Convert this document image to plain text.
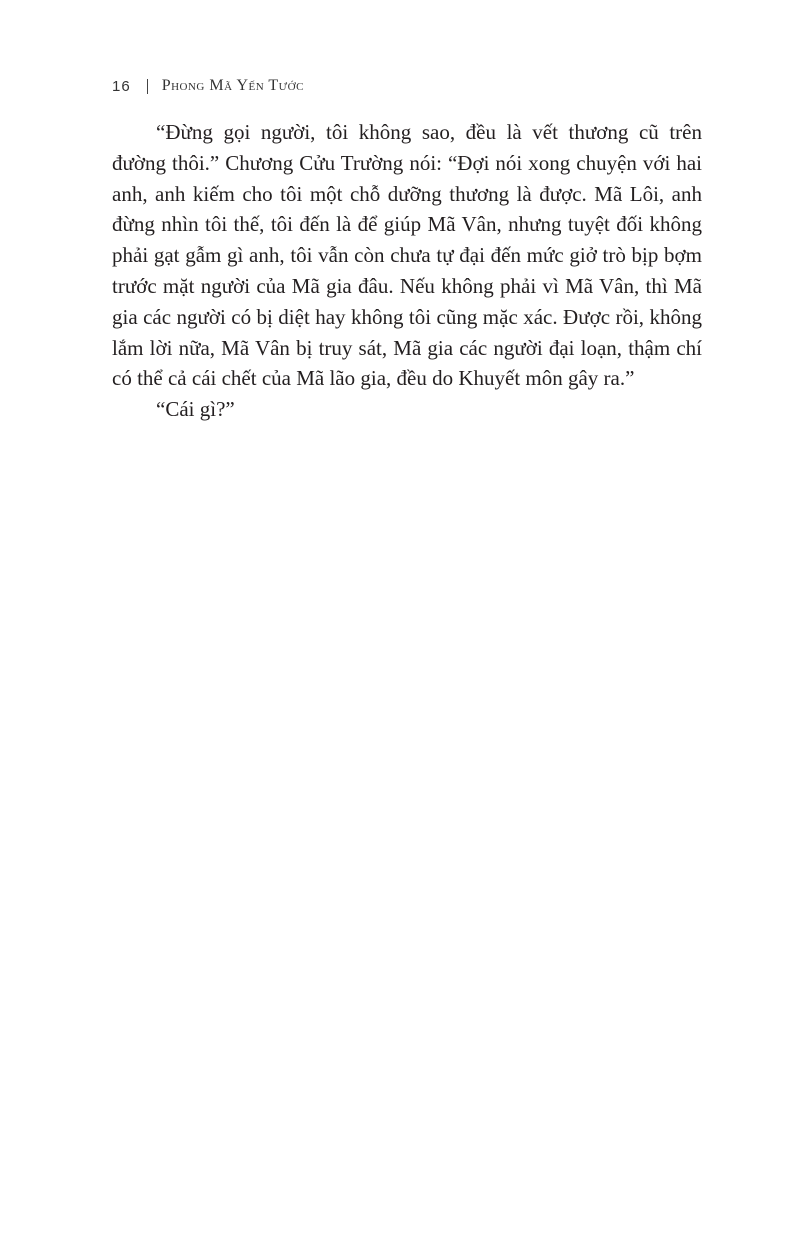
16 Phong Mã Yến Tước

“Đừng gọi người, tôi không sao, đều là vết thương cũ trên đường thôi.” Chương Cửu Trường nói: “Đợi nói xong chuyện với hai anh, anh kiếm cho tôi một chỗ dưỡng thương là được. Mã Lôi, anh đừng nhìn tôi thế, tôi đến là để giúp Mã Vân, nhưng tuyệt đối không phải gạt gẫm gì anh, tôi vẫn còn chưa tự đại đến mức giở trò bịp bợm trước mặt người của Mã gia đâu. Nếu không phải vì Mã Vân, thì Mã gia các người có bị diệt hay không tôi cũng mặc xác. Được rồi, không lắm lời nữa, Mã Vân bị truy sát, Mã gia các người đại loạn, thậm chí có thể cả cái chết của Mã lão gia, đều do Khuyết môn gây ra.”

“Cái gì?”
